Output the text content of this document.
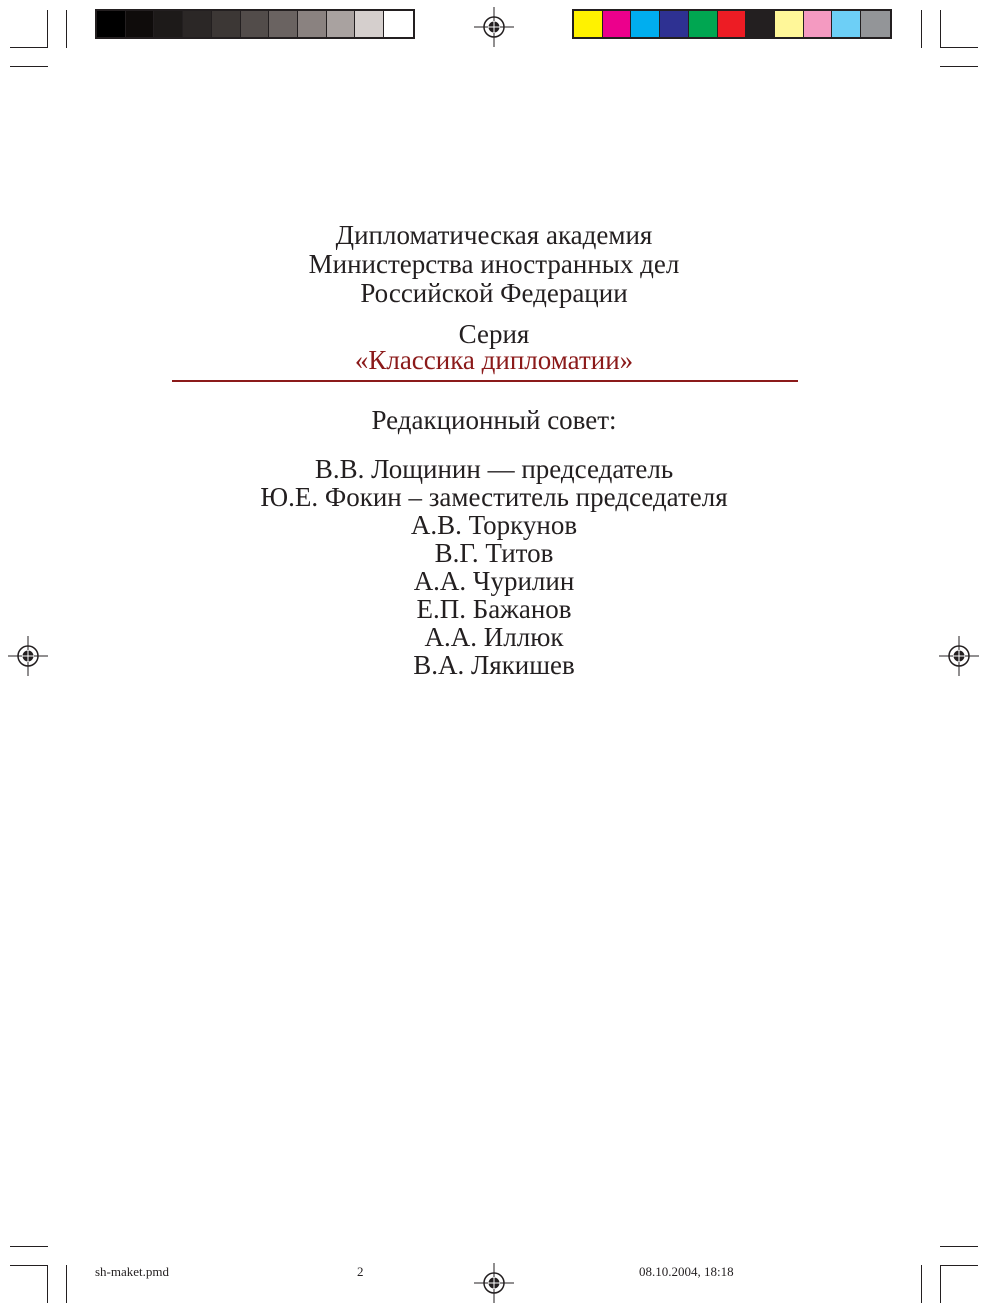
Дипломатическая академия
Министерства иностранных дел
Российской Федерации
Серия
«Классика дипломатии»
Редакционный совет:
В.В. Лощинин — председатель
Ю.Е. Фокин – заместитель председателя
А.В. Торкунов
В.Г. Титов
А.А. Чурилин
Е.П. Бажанов
А.А. Иллюк
В.А. Лякишев
sh-maket.pmd	2	08.10.2004, 18:18
